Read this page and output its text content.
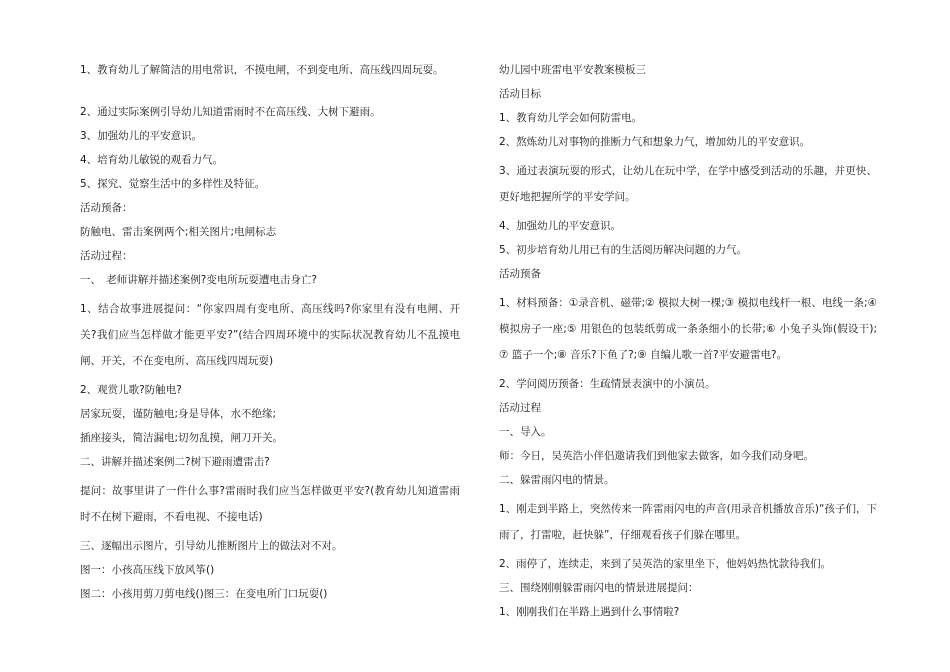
1、教育幼儿了解简洁的用电常识，不摸电闸，不到变电所、高压线四周玩耍。

2、通过实际案例引导幼儿知道雷雨时不在高压线、大树下避雨。

3、加强幼儿的平安意识。

4、培育幼儿敏锐的观看力气。

5、探究、觉察生活中的多样性及特征。

活动预备：

防触电、雷击案例两个;相关图片;电闸标志

活动过程：

一、　老师讲解并描述案例?变电所玩耍遭电击身亡?

1、结合故事进展提问：“你家四周有变电所、高压线吗?你家里有没有电闸、开关?我们应当怎样做才能更平安?”(结合四周环境中的实际状况教育幼儿不乱摸电闸、开关，不在变电所、高压线四周玩耍)

2、观赏儿歌?防触电?

居家玩耍，谨防触电;身是导体，水不绝缘;

插座接头，简洁漏电;切勿乱摸，闸刀开关。

二、讲解并描述案例二?树下避雨遭雷击?

提问：故事里讲了一件什么事?雷雨时我们应当怎样做更平安?(教育幼儿知道雷雨时不在树下避雨，不看电视、不接电话)

三、逐幅出示图片，引导幼儿推断图片上的做法对不对。

图一：小孩高压线下放风筝()

图二：小孩用剪刀剪电线()图三：在变电所门口玩耍()

幼儿园中班雷电平安教案模板三

活动目标

1、教育幼儿学会如何防雷电。

2、熬炼幼儿对事物的推断力气和想象力气，增加幼儿的平安意识。

3、通过表演玩耍的形式，让幼儿在玩中学，在学中感受到活动的乐趣，并更快、更好地把握所学的平安学问。

4、加强幼儿的平安意识。

5、初步培育幼儿用已有的生活阅历解决问题的力气。

活动预备

1、材料预备：①录音机、磁带;② 模拟大树一棵;③ 模拟电线杆一根、电线一条;④ 模拟房子一座;⑤ 用银色的包装纸剪成一条条细小的长带;⑥ 小兔子头饰(假设干);⑦ 篮子一个;⑧ 音乐?下鱼了?;⑨ 自编儿歌一首?平安避雷电?。

2、学问阅历预备：生疏情景表演中的小演员。

活动过程

一、导入。

师：今日，吴英浩小伴侣邀请我们到他家去做客，如今我们动身吧。

二、躲雷雨闪电的情景。

1、刚走到半路上，突然传来一阵雷雨闪电的声音(用录音机播放音乐)“孩子们，下雨了，打雷啦，赶快躲”，仔细观看孩子们躲在哪里。

2、雨停了，连续走，来到了吴英浩的家里坐下，他妈妈热忱款待我们。

三、围绕刚刚躲雷雨闪电的情景进展提问：

1、刚刚我们在半路上遇到什么事情啦?
